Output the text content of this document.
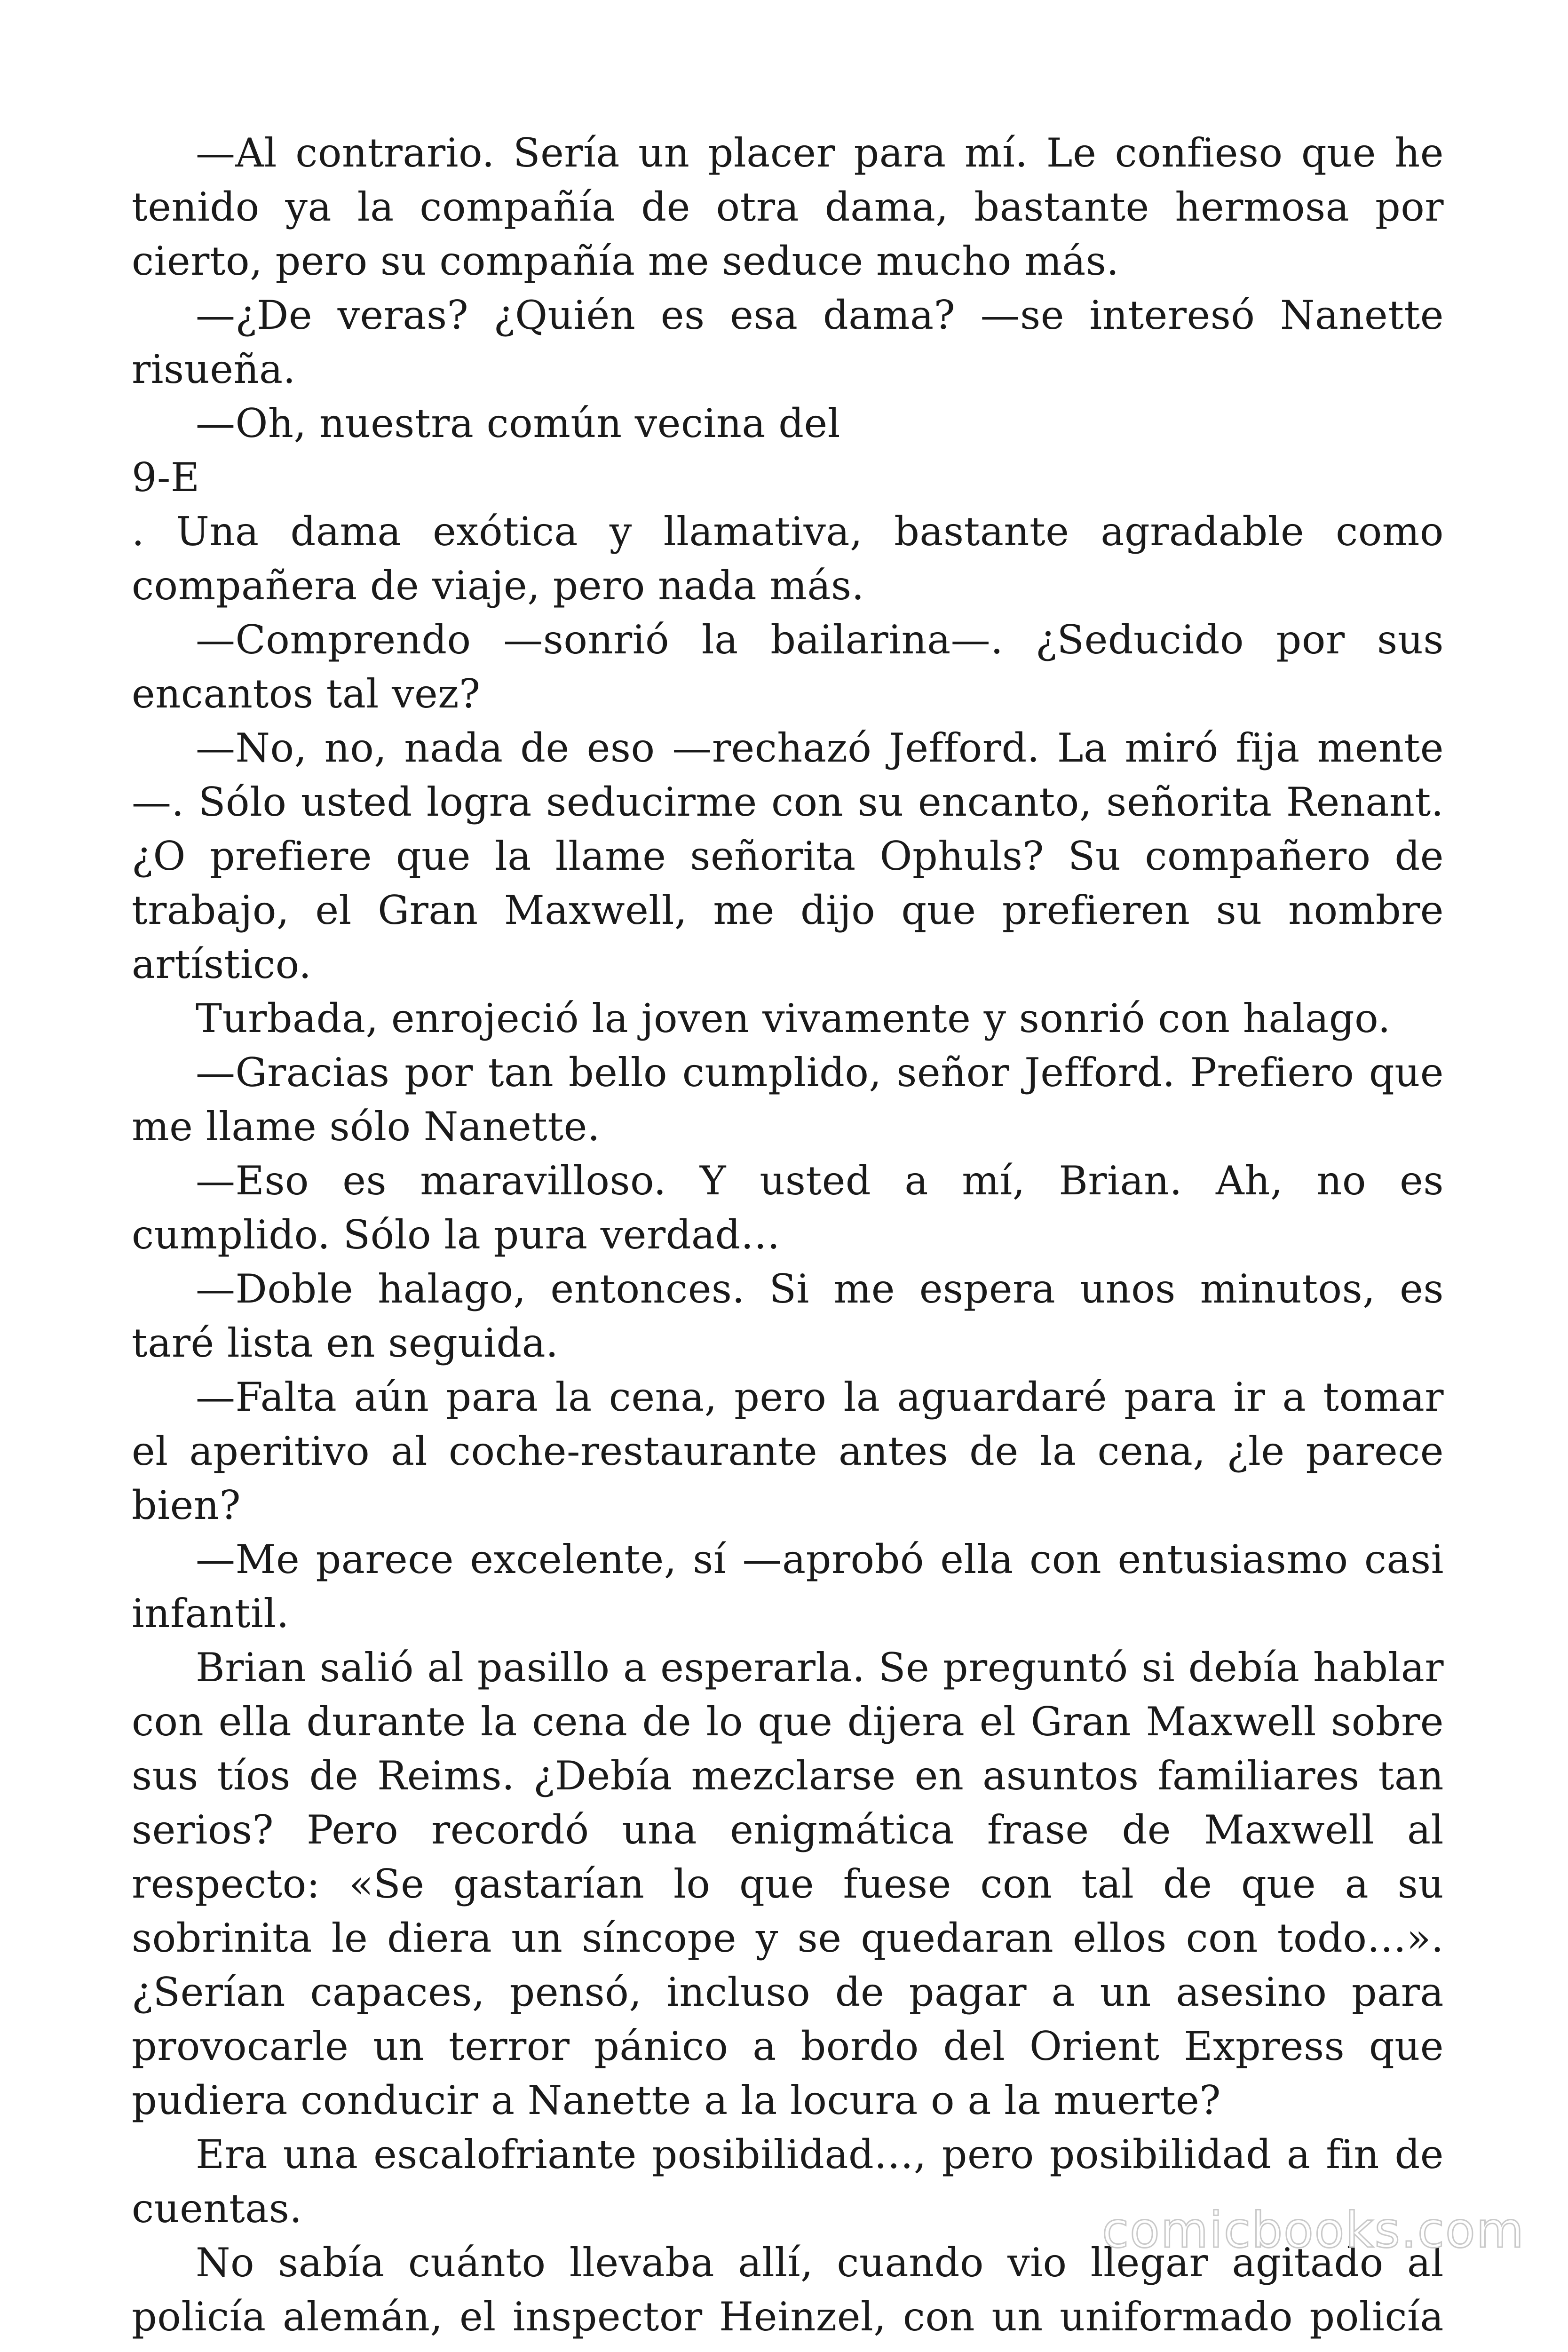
—Al contrario. Sería un placer para mí. Le confieso que he tenido ya la compañía de otra dama, bastante hermosa por cierto, pero su compañía me seduce mucho más.

—¿De veras? ¿Quién es esa dama? —se interesó Nanette risueña.

—Oh, nuestra común vecina del

9-E

. Una dama exótica y llamativa, bastante agradable como compañera de viaje, pero nada más.

—Comprendo —sonrió la bailarina—. ¿Seducido por sus encantos tal vez?

—No, no, nada de eso —rechazó Jefford. La miró fija mente—. Sólo usted logra seducirme con su encanto, señorita Renant. ¿O prefiere que la llame señorita Ophuls? Su compañero de trabajo, el Gran Maxwell, me dijo que prefieren su nombre artístico.

Turbada, enrojeció la joven vivamente y sonrió con halago.

—Gracias por tan bello cumplido, señor Jefford. Prefiero que me llame sólo Nanette.

—Eso es maravilloso. Y usted a mí, Brian. Ah, no es cumplido. Sólo la pura verdad…

—Doble halago, entonces. Si me espera unos minutos, es taré lista en seguida.

—Falta aún para la cena, pero la aguardaré para ir a tomar el aperitivo al coche-restaurante antes de la cena, ¿le parece bien?

—Me parece excelente, sí —aprobó ella con entusiasmo casi infantil.

Brian salió al pasillo a esperarla. Se preguntó si debía hablar con ella durante la cena de lo que dijera el Gran Maxwell sobre sus tíos de Reims. ¿Debía mezclarse en asuntos familiares tan serios? Pero recordó una enigmática frase de Maxwell al respecto: «Se gastarían lo que fuese con tal de que a su sobrinita le diera un síncope y se quedaran ellos con todo…». ¿Serían capaces, pensó, incluso de pagar a un asesino para provocarle un terror pánico a bordo del Orient Express que pudiera conducir a Nanette a la locura o a la muerte?

Era una escalofriante posibilidad…, pero posibilidad a fin de cuentas.

No sabía cuánto llevaba allí, cuando vio llegar agitado al policía alemán, el inspector Heinzel, con un uniformado policía

comicbooks.com
